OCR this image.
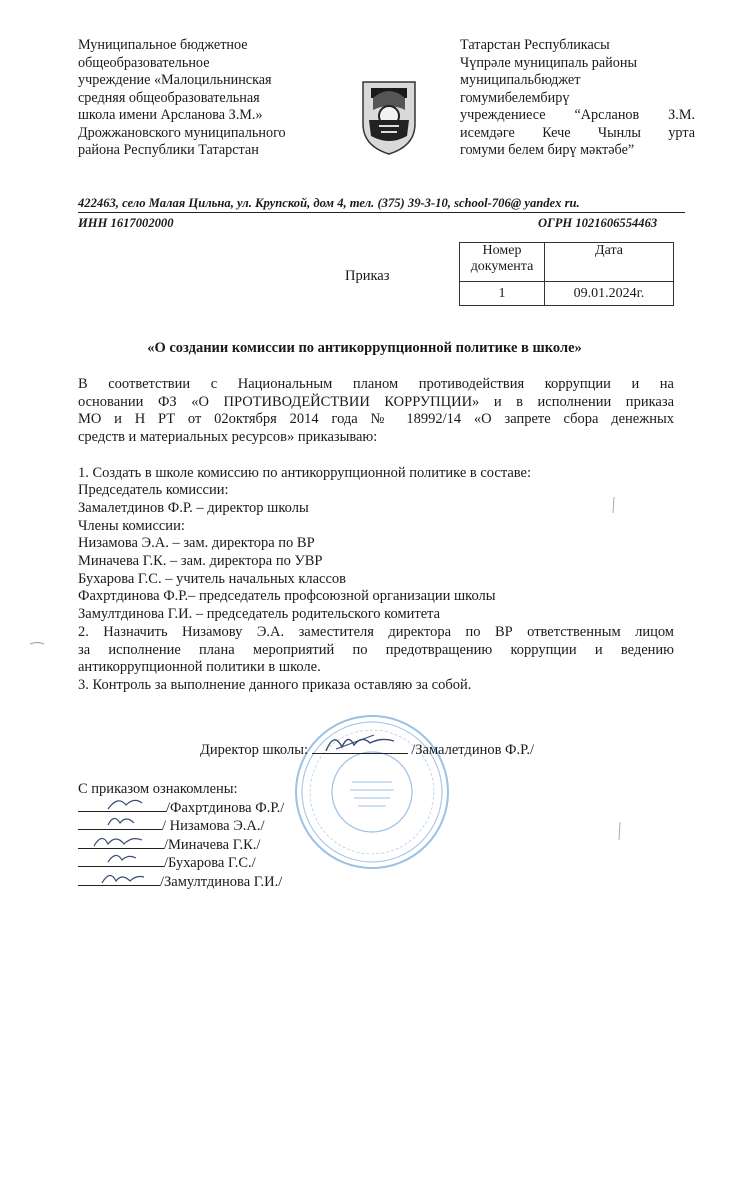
Муниципальное бюджетное
общеобразовательное
учреждение «Малоцильнинская
средняя общеобразовательная
школа имени Арсланова З.М.»
Дрожжановского муниципального
района Республики Татарстан
Татарстан Республикасы
Чүпрәле муниципаль районы
муниципальбюджет
гомумибелембирү
учреждениесе “Арсланов З.М.
исемдәге Кече Чынлы урта
гомуми белем бирү мәктәбе”
422463, село Малая Цильна, ул. Крупской, дом 4, тел. (375) 39-3-10, school-706@ yandex ru.
ИНН 1617002000	ОГРН 1021606554463
Приказ
Номер документа	Дата
1	09.01.2024г.
«О создании комиссии по антикоррупционной политике в школе»
В соответствии с Национальным планом противодействия коррупции и на
основании ФЗ «О ПРОТИВОДЕЙСТВИИ КОРРУПЦИИ» и в исполнении приказа
МО и Н РТ от 02октября 2014 года № 18992/14 «О запрете сбора денежных
средств и материальных ресурсов» приказываю:
1. Создать в школе комиссию по антикоррупционной политике в составе:
Председатель комиссии:
Замалетдинов Ф.Р. – директор школы
Члены комиссии:
Низамова Э.А. – зам. директора по ВР
Миначева Г.К. – зам. директора по УВР
Бухарова Г.С. – учитель начальных классов
Фахртдинова Ф.Р.– председатель профсоюзной организации школы
Замултдинова Г.И. – председатель родительского комитета
2. Назначить Низамову Э.А. заместителя директора по ВР ответственным лицом
за исполнение плана мероприятий по предотвращению коррупции и ведению
антикоррупционной политики в школе.
3. Контроль за выполнение данного приказа оставляю за собой.
Директор школы:	/Замалетдинов Ф.Р./
С приказом ознакомлены:
/Фахртдинова Ф.Р./
/ Низамова Э.А./
/Миначева Г.К./
/Бухарова Г.С./
/Замултдинова Г.И./
